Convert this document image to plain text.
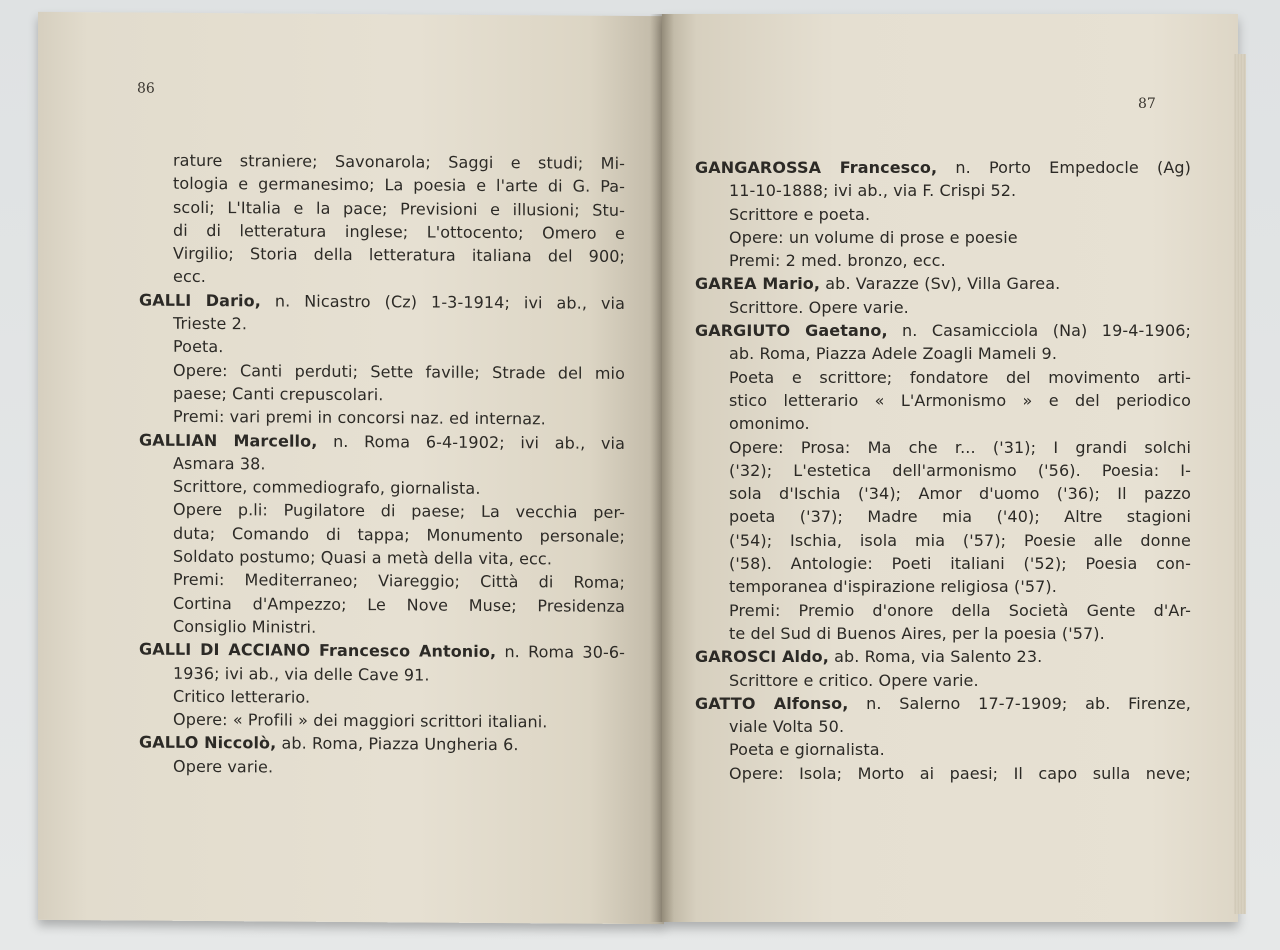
86
rature straniere; Savonarola; Saggi e studi; Mi-
tologia e germanesimo; La poesia e l'arte di G. Pa-
scoli; L'Italia e la pace; Previsioni e illusioni; Stu-
di di letteratura inglese; L'ottocento; Omero e
Virgilio; Storia della letteratura italiana del 900;
ecc.
GALLI Dario, n. Nicastro (Cz) 1-3-1914; ivi ab., via
Trieste 2.
Poeta.
Opere: Canti perduti; Sette faville; Strade del mio
paese; Canti crepuscolari.
Premi: vari premi in concorsi naz. ed internaz.
GALLIAN Marcello, n. Roma 6-4-1902; ivi ab., via
Asmara 38.
Scrittore, commediografo, giornalista.
Opere p.li: Pugilatore di paese; La vecchia per-
duta; Comando di tappa; Monumento personale;
Soldato postumo; Quasi a metà della vita, ecc.
Premi: Mediterraneo; Viareggio; Città di Roma;
Cortina d'Ampezzo; Le Nove Muse; Presidenza
Consiglio Ministri.
GALLI DI ACCIANO Francesco Antonio, n. Roma 30-6-
1936; ivi ab., via delle Cave 91.
Critico letterario.
Opere: « Profili » dei maggiori scrittori italiani.
GALLO Niccolò, ab. Roma, Piazza Ungheria 6.
Opere varie.
87
GANGAROSSA Francesco, n. Porto Empedocle (Ag)
11-10-1888; ivi ab., via F. Crispi 52.
Scrittore e poeta.
Opere: un volume di prose e poesie
Premi: 2 med. bronzo, ecc.
GAREA Mario, ab. Varazze (Sv), Villa Garea.
Scrittore. Opere varie.
GARGIUTO Gaetano, n. Casamicciola (Na) 19-4-1906;
ab. Roma, Piazza Adele Zoagli Mameli 9.
Poeta e scrittore; fondatore del movimento arti-
stico letterario « L'Armonismo » e del periodico
omonimo.
Opere: Prosa: Ma che r... ('31); I grandi solchi
('32); L'estetica dell'armonismo ('56). Poesia: I-
sola d'Ischia ('34); Amor d'uomo ('36); Il pazzo
poeta ('37); Madre mia ('40); Altre stagioni
('54); Ischia, isola mia ('57); Poesie alle donne
('58). Antologie: Poeti italiani ('52); Poesia con-
temporanea d'ispirazione religiosa ('57).
Premi: Premio d'onore della Società Gente d'Ar-
te del Sud di Buenos Aires, per la poesia ('57).
GAROSCI Aldo, ab. Roma, via Salento 23.
Scrittore e critico. Opere varie.
GATTO Alfonso, n. Salerno 17-7-1909; ab. Firenze,
viale Volta 50.
Poeta e giornalista.
Opere: Isola; Morto ai paesi; Il capo sulla neve;
